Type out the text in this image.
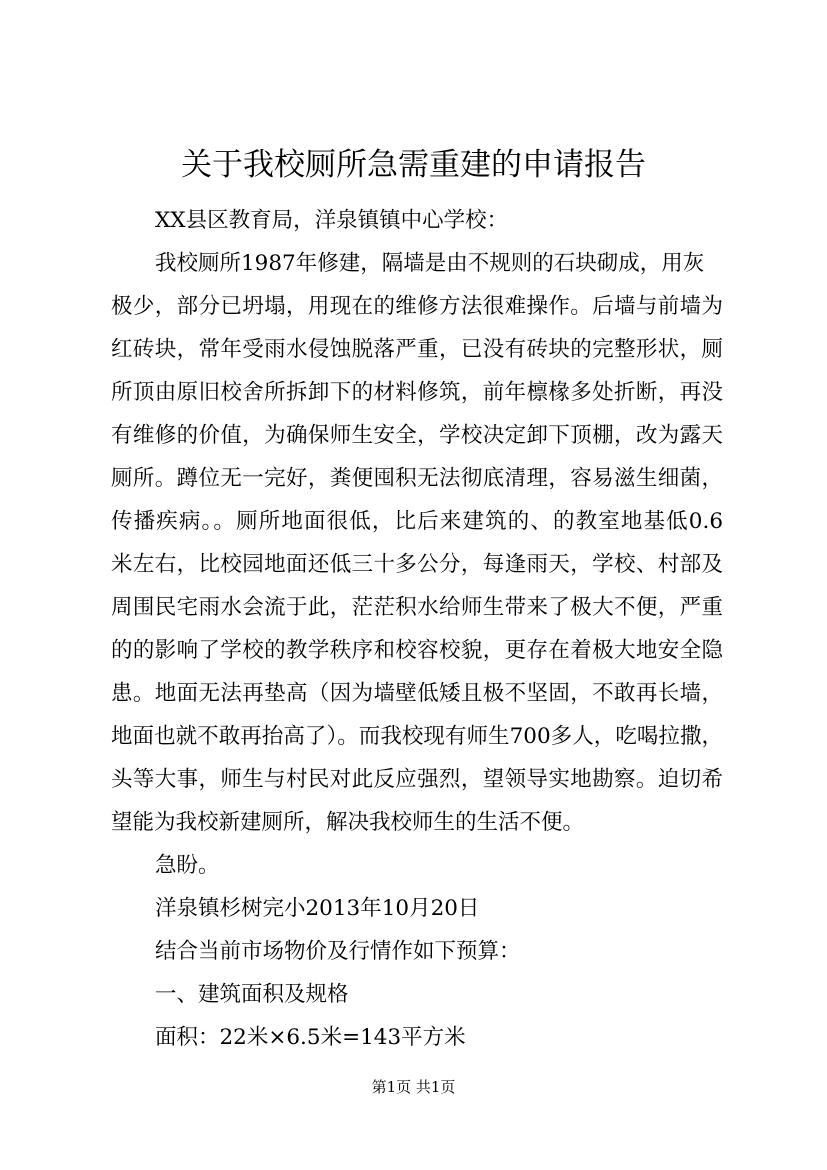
关于我校厕所急需重建的申请报告

XX县区教育局，洋泉镇镇中心学校：

我校厕所1987年修建，隔墙是由不规则的石块砌成，用灰
极少，部分已坍塌，用现在的维修方法很难操作。后墙与前墙为
红砖块，常年受雨水侵蚀脱落严重，已没有砖块的完整形状，厕
所顶由原旧校舍所拆卸下的材料修筑，前年檩椽多处折断，再没
有维修的价值，为确保师生安全，学校决定卸下顶棚，改为露天
厕所。蹲位无一完好，粪便囤积无法彻底清理，容易滋生细菌，
传播疾病。。厕所地面很低，比后来建筑的、的教室地基低0.6
米左右，比校园地面还低三十多公分，每逢雨天，学校、村部及
周围民宅雨水会流于此，茫茫积水给师生带来了极大不便，严重
的的影响了学校的教学秩序和校容校貌，更存在着极大地安全隐
患。地面无法再垫高（因为墙壁低矮且极不坚固，不敢再长墙，
地面也就不敢再抬高了）。而我校现有师生700多人，吃喝拉撒，
头等大事，师生与村民对此反应强烈，望领导实地勘察。迫切希
望能为我校新建厕所，解决我校师生的生活不便。

急盼。

洋泉镇杉树完小2013年10月20日

结合当前市场物价及行情作如下预算：

一、建筑面积及规格

面积：22米×6.5米=143平方米

第1页 共1页
